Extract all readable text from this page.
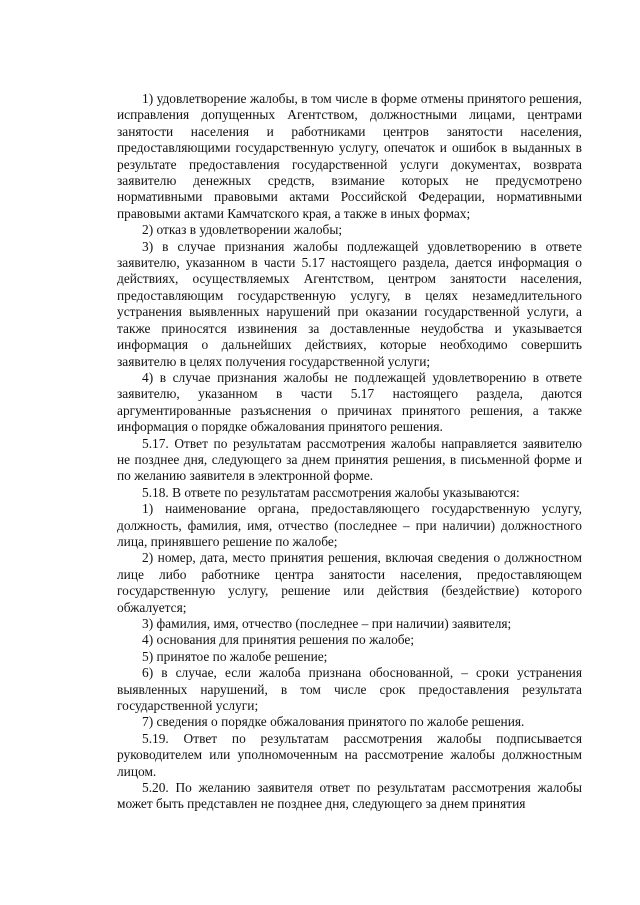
1) удовлетворение жалобы, в том числе в форме отмены принятого решения, исправления допущенных Агентством, должностными лицами, центрами занятости населения и работниками центров занятости населения, предоставляющими государственную услугу, опечаток и ошибок в выданных в результате предоставления государственной услуги документах, возврата заявителю денежных средств, взимание которых не предусмотрено нормативными правовыми актами Российской Федерации, нормативными правовыми актами Камчатского края, а также в иных формах;

2) отказ в удовлетворении жалобы;

3) в случае признания жалобы подлежащей удовлетворению в ответе заявителю, указанном в части 5.17 настоящего раздела, дается информация о действиях, осуществляемых Агентством, центром занятости населения, предоставляющим государственную услугу, в целях незамедлительного устранения выявленных нарушений при оказании государственной услуги, а также приносятся извинения за доставленные неудобства и указывается информация о дальнейших действиях, которые необходимо совершить заявителю в целях получения государственной услуги;

4) в случае признания жалобы не подлежащей удовлетворению в ответе заявителю, указанном в части 5.17 настоящего раздела, даются аргументированные разъяснения о причинах принятого решения, а также информация о порядке обжалования принятого решения.

5.17. Ответ по результатам рассмотрения жалобы направляется заявителю не позднее дня, следующего за днем принятия решения, в письменной форме и по желанию заявителя в электронной форме.

5.18. В ответе по результатам рассмотрения жалобы указываются:

1) наименование органа, предоставляющего государственную услугу, должность, фамилия, имя, отчество (последнее – при наличии) должностного лица, принявшего решение по жалобе;

2) номер, дата, место принятия решения, включая сведения о должностном лице либо работнике центра занятости населения, предоставляющем государственную услугу, решение или действия (бездействие) которого обжалуется;

3) фамилия, имя, отчество (последнее – при наличии) заявителя;

4) основания для принятия решения по жалобе;

5) принятое по жалобе решение;

6) в случае, если жалоба признана обоснованной, – сроки устранения выявленных нарушений, в том числе срок предоставления результата государственной услуги;

7) сведения о порядке обжалования принятого по жалобе решения.

5.19. Ответ по результатам рассмотрения жалобы подписывается руководителем или уполномоченным на рассмотрение жалобы должностным лицом.

5.20. По желанию заявителя ответ по результатам рассмотрения жалобы может быть представлен не позднее дня, следующего за днем принятия
